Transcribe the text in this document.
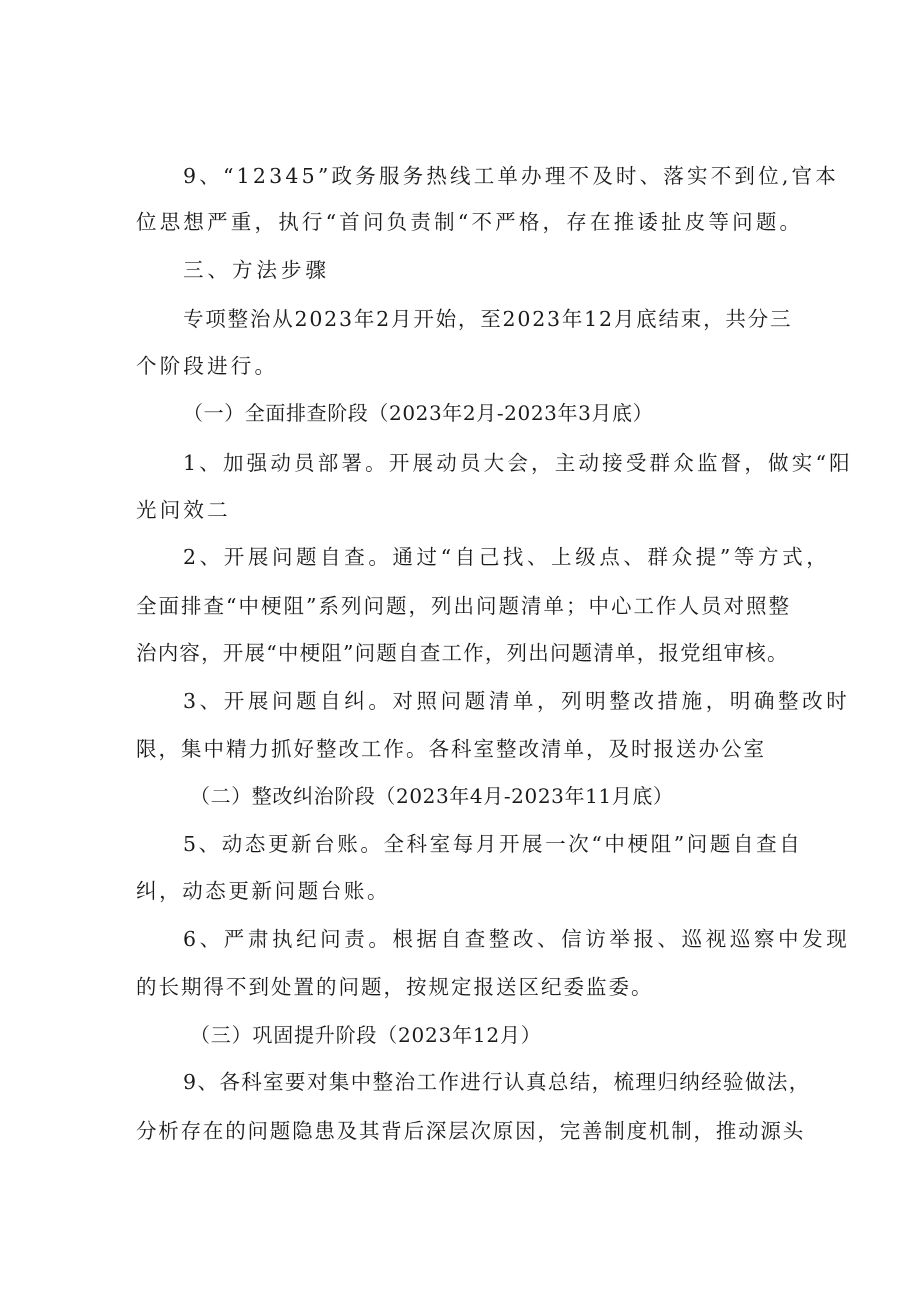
9、“12345”政务服务热线工单办理不及时、落实不到位,官本
位思想严重，执行“首问负责制“不严格，存在推诿扯皮等问题。
三、方法步骤
专项整治从2023年2月开始，至2023年12月底结束，共分三
个阶段进行。
（一）全面排查阶段（2023年2月-2023年3月底）
1、加强动员部署。开展动员大会，主动接受群众监督，做实“阳
光问效二
2、开展问题自查。通过“自己找、上级点、群众提”等方式，
全面排查“中梗阻”系列问题，列出问题清单；中心工作人员对照整
治内容，开展“中梗阻”问题自查工作，列出问题清单，报党组审核。
3、开展问题自纠。对照问题清单，列明整改措施，明确整改时
限，集中精力抓好整改工作。各科室整改清单，及时报送办公室
（二）整改纠治阶段（2023年4月-2023年11月底）
5、动态更新台账。全科室每月开展一次“中梗阻”问题自查自
纠，动态更新问题台账。
6、严肃执纪问责。根据自查整改、信访举报、巡视巡察中发现
的长期得不到处置的问题，按规定报送区纪委监委。
（三）巩固提升阶段（2023年12月）
9、各科室要对集中整治工作进行认真总结，梳理归纳经验做法，
分析存在的问题隐患及其背后深层次原因，完善制度机制，推动源头
